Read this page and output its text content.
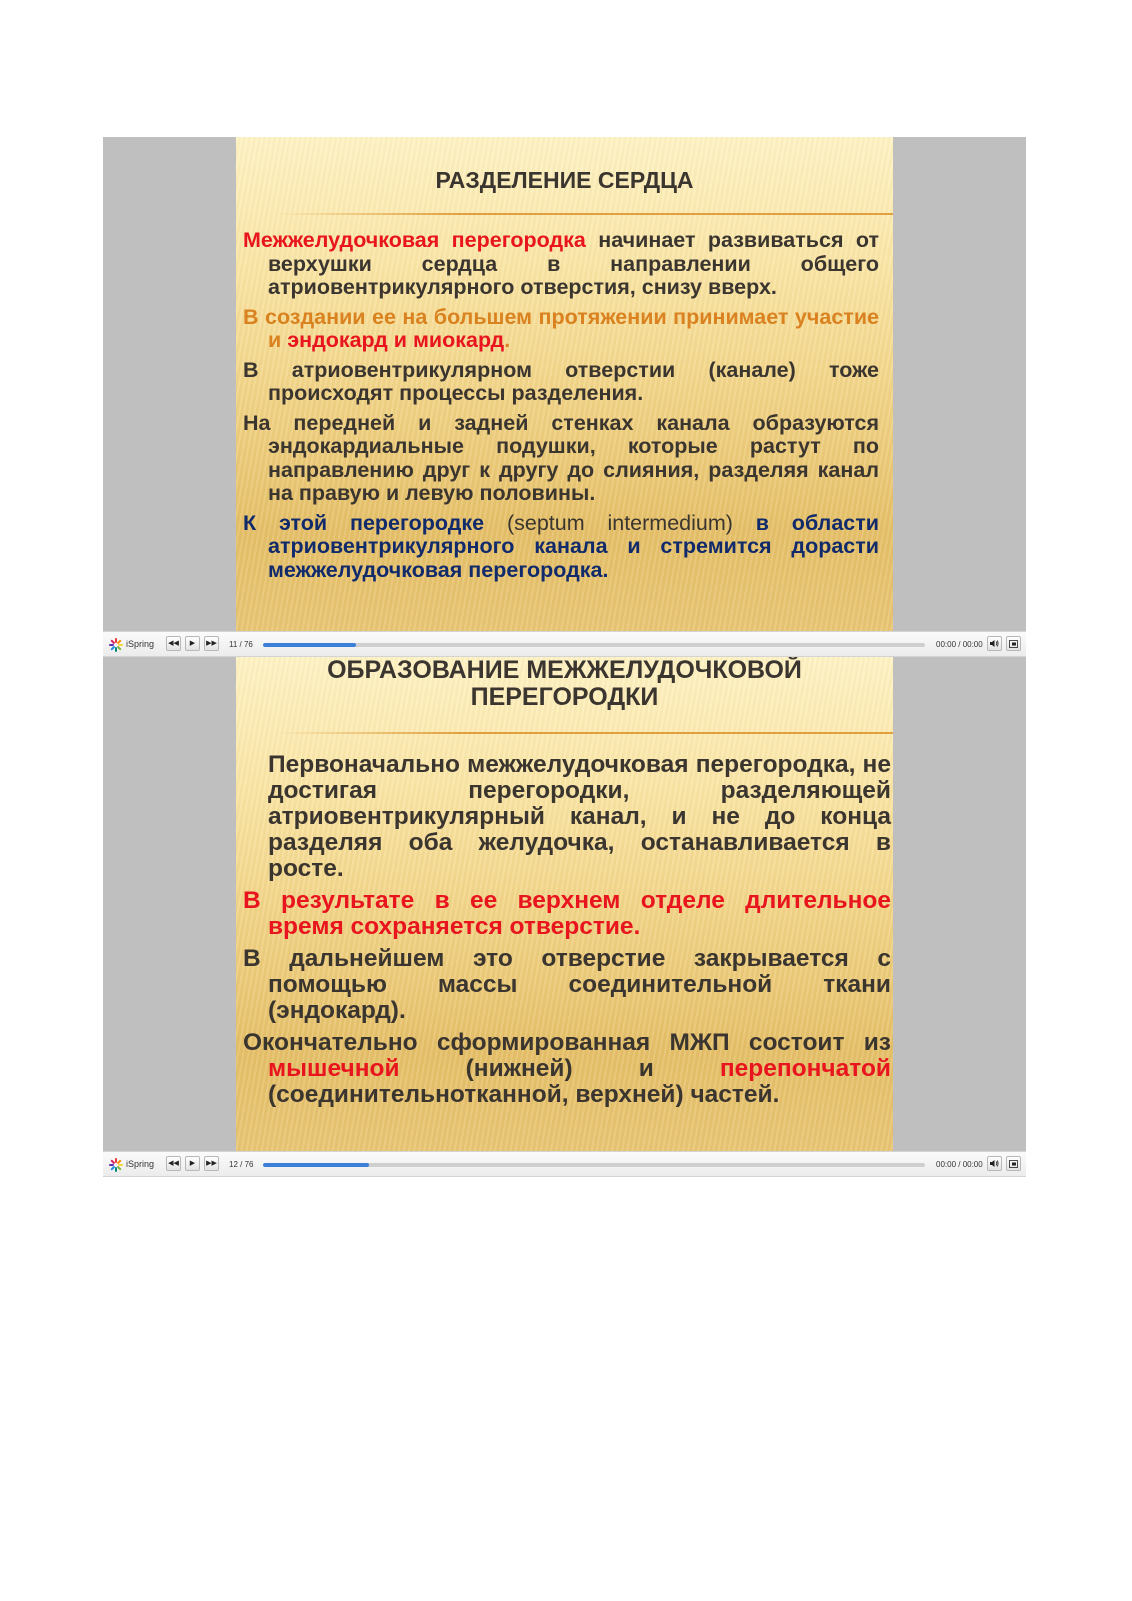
РАЗДЕЛЕНИЕ СЕРДЦА

Межжелудочковая перегородка начинает развиваться от верхушки сердца в направлении общего атриовентрикулярного отверстия, снизу вверх.

В создании ее на большем протяжении принимает участие и эндокард и миокард.

В атриовентрикулярном отверстии (канале) тоже происходят процессы разделения.

На передней и задней стенках канала образуются эндокардиальные подушки, которые растут по направлению друг к другу до слияния, разделяя канал на правую и левую половины.

К этой перегородке (septum intermedium) в области атриовентрикулярного канала и стремится дорасти межжелудочковая перегородка.

iSpring ◀◀ ▶ ▶▶ 11 / 76	00:00 / 00:00
ОБРАЗОВАНИЕ МЕЖЖЕЛУДОЧКОВОЙ ПЕРЕГОРОДКИ

Первоначально межжелудочковая перегородка, не достигая перегородки, разделяющей атриовентрикулярный канал, и не до конца разделяя оба желудочка, останавливается в росте.

В результате в ее верхнем отделе длительное время сохраняется отверстие.

В дальнейшем это отверстие закрывается с помощью массы соединительной ткани (эндокард).

Окончательно сформированная МЖП состоит из мышечной (нижней) и перепончатой (соединительнотканной, верхней) частей.

iSpring ◀◀ ▶ ▶▶ 12 / 76	00:00 / 00:00
